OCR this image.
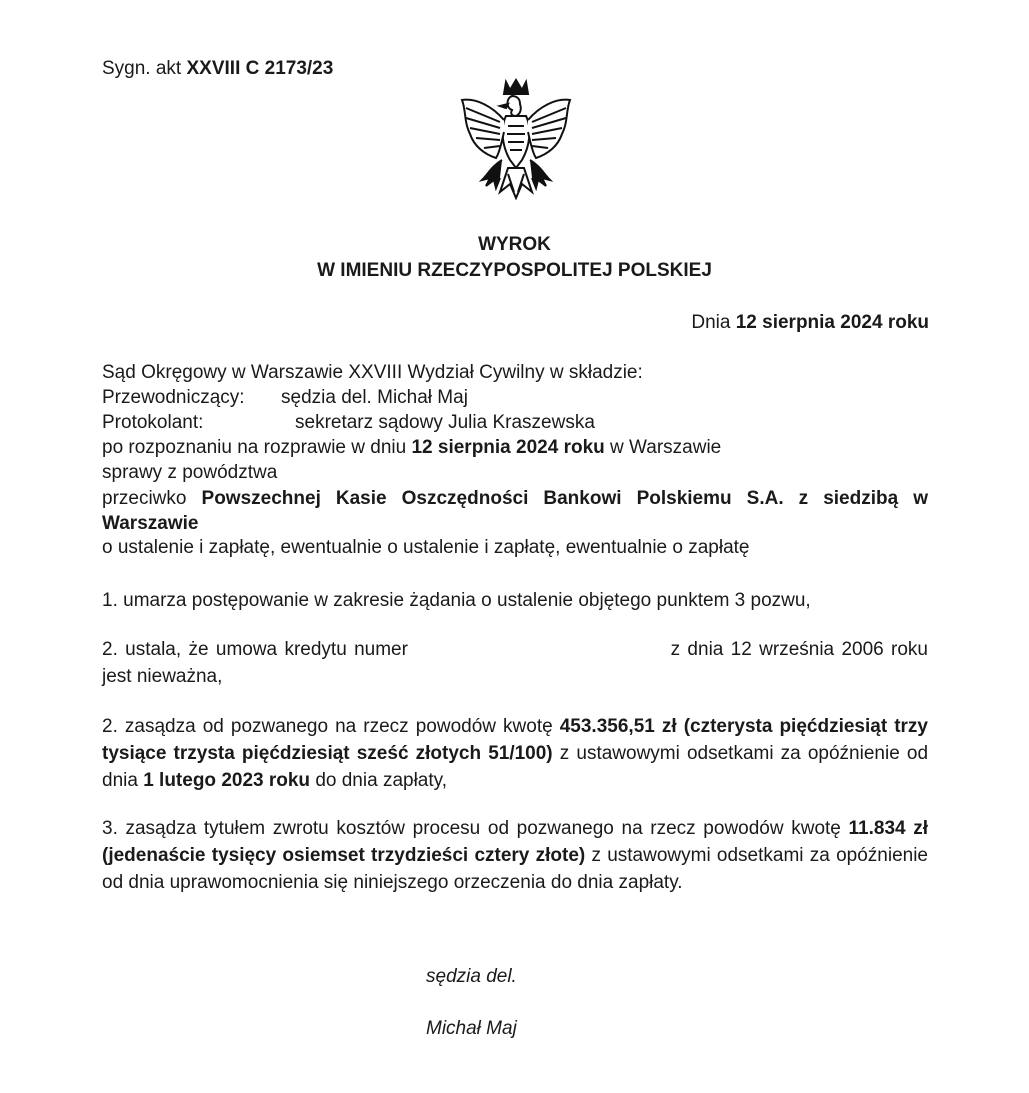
Sygn. akt XXVIII C 2173/23
WYROK
W IMIENIU RZECZYPOSPOLITEJ POLSKIEJ
Dnia 12 sierpnia 2024 roku
Sąd Okręgowy w Warszawie XXVIII Wydział Cywilny w składzie:
Przewodniczący: sędzia del. Michał Maj
Protokolant:	sekretarz sądowy Julia Kraszewska
po rozpoznaniu na rozprawie w dniu 12 sierpnia 2024 roku w Warszawie
sprawy z powództwa
przeciwko Powszechnej Kasie Oszczędności Bankowi Polskiemu S.A. z siedzibą w Warszawie
o ustalenie i zapłatę, ewentualnie o ustalenie i zapłatę, ewentualnie o zapłatę
1. umarza postępowanie w zakresie żądania o ustalenie objętego punktem 3 pozwu,
2. ustala, że umowa kredytu numer	z dnia 12 września 2006 roku jest nieważna,
2. zasądza od pozwanego na rzecz powodów kwotę 453.356,51 zł (czterysta pięćdziesiąt trzy tysiące trzysta pięćdziesiąt sześć złotych 51/100) z ustawowymi odsetkami za opóźnienie od dnia 1 lutego 2023 roku do dnia zapłaty,
3. zasądza tytułem zwrotu kosztów procesu od pozwanego na rzecz powodów kwotę 11.834 zł (jedenaście tysięcy osiemset trzydzieści cztery złote) z ustawowymi odsetkami za opóźnienie od dnia uprawomocnienia się niniejszego orzeczenia do dnia zapłaty.
sędzia del.
Michał Maj
